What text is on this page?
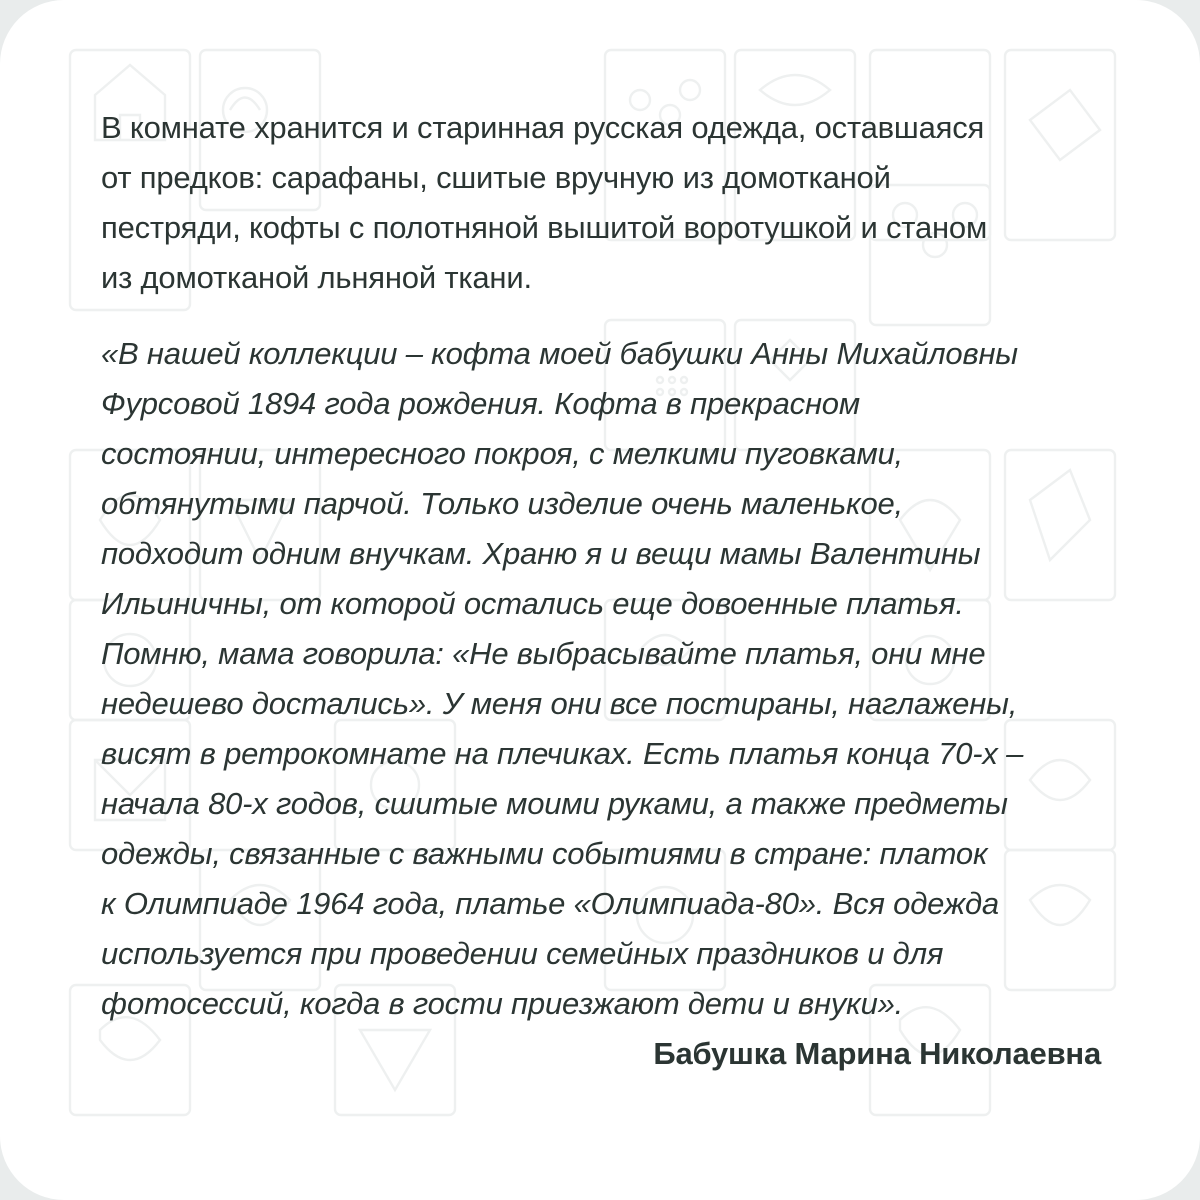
В комнате хранится и старинная русская одежда, оставшаяся
от предков: сарафаны, сшитые вручную из домотканой
пестряди, кофты с полотняной вышитой воротушкой и станом
из домотканой льняной ткани.

«В нашей коллекции – кофта моей бабушки Анны Михайловны
Фурсовой 1894 года рождения. Кофта в прекрасном
состоянии, интересного покроя, с мелкими пуговками,
обтянутыми парчой. Только изделие очень маленькое,
подходит одним внучкам. Храню я и вещи мамы Валентины
Ильиничны, от которой остались еще довоенные платья.
Помню, мама говорила: «Не выбрасывайте платья, они мне
недешево достались». У меня они все постираны, наглажены,
висят в ретрокомнате на плечиках. Есть платья конца 70-х –
начала 80-х годов, сшитые моими руками, а также предметы
одежды, связанные с важными событиями в стране: платок
к Олимпиаде 1964 года, платье «Олимпиада-80». Вся одежда
используется при проведении семейных праздников и для
фотосессий, когда в гости приезжают дети и внуки».

Бабушка Марина Николаевна
